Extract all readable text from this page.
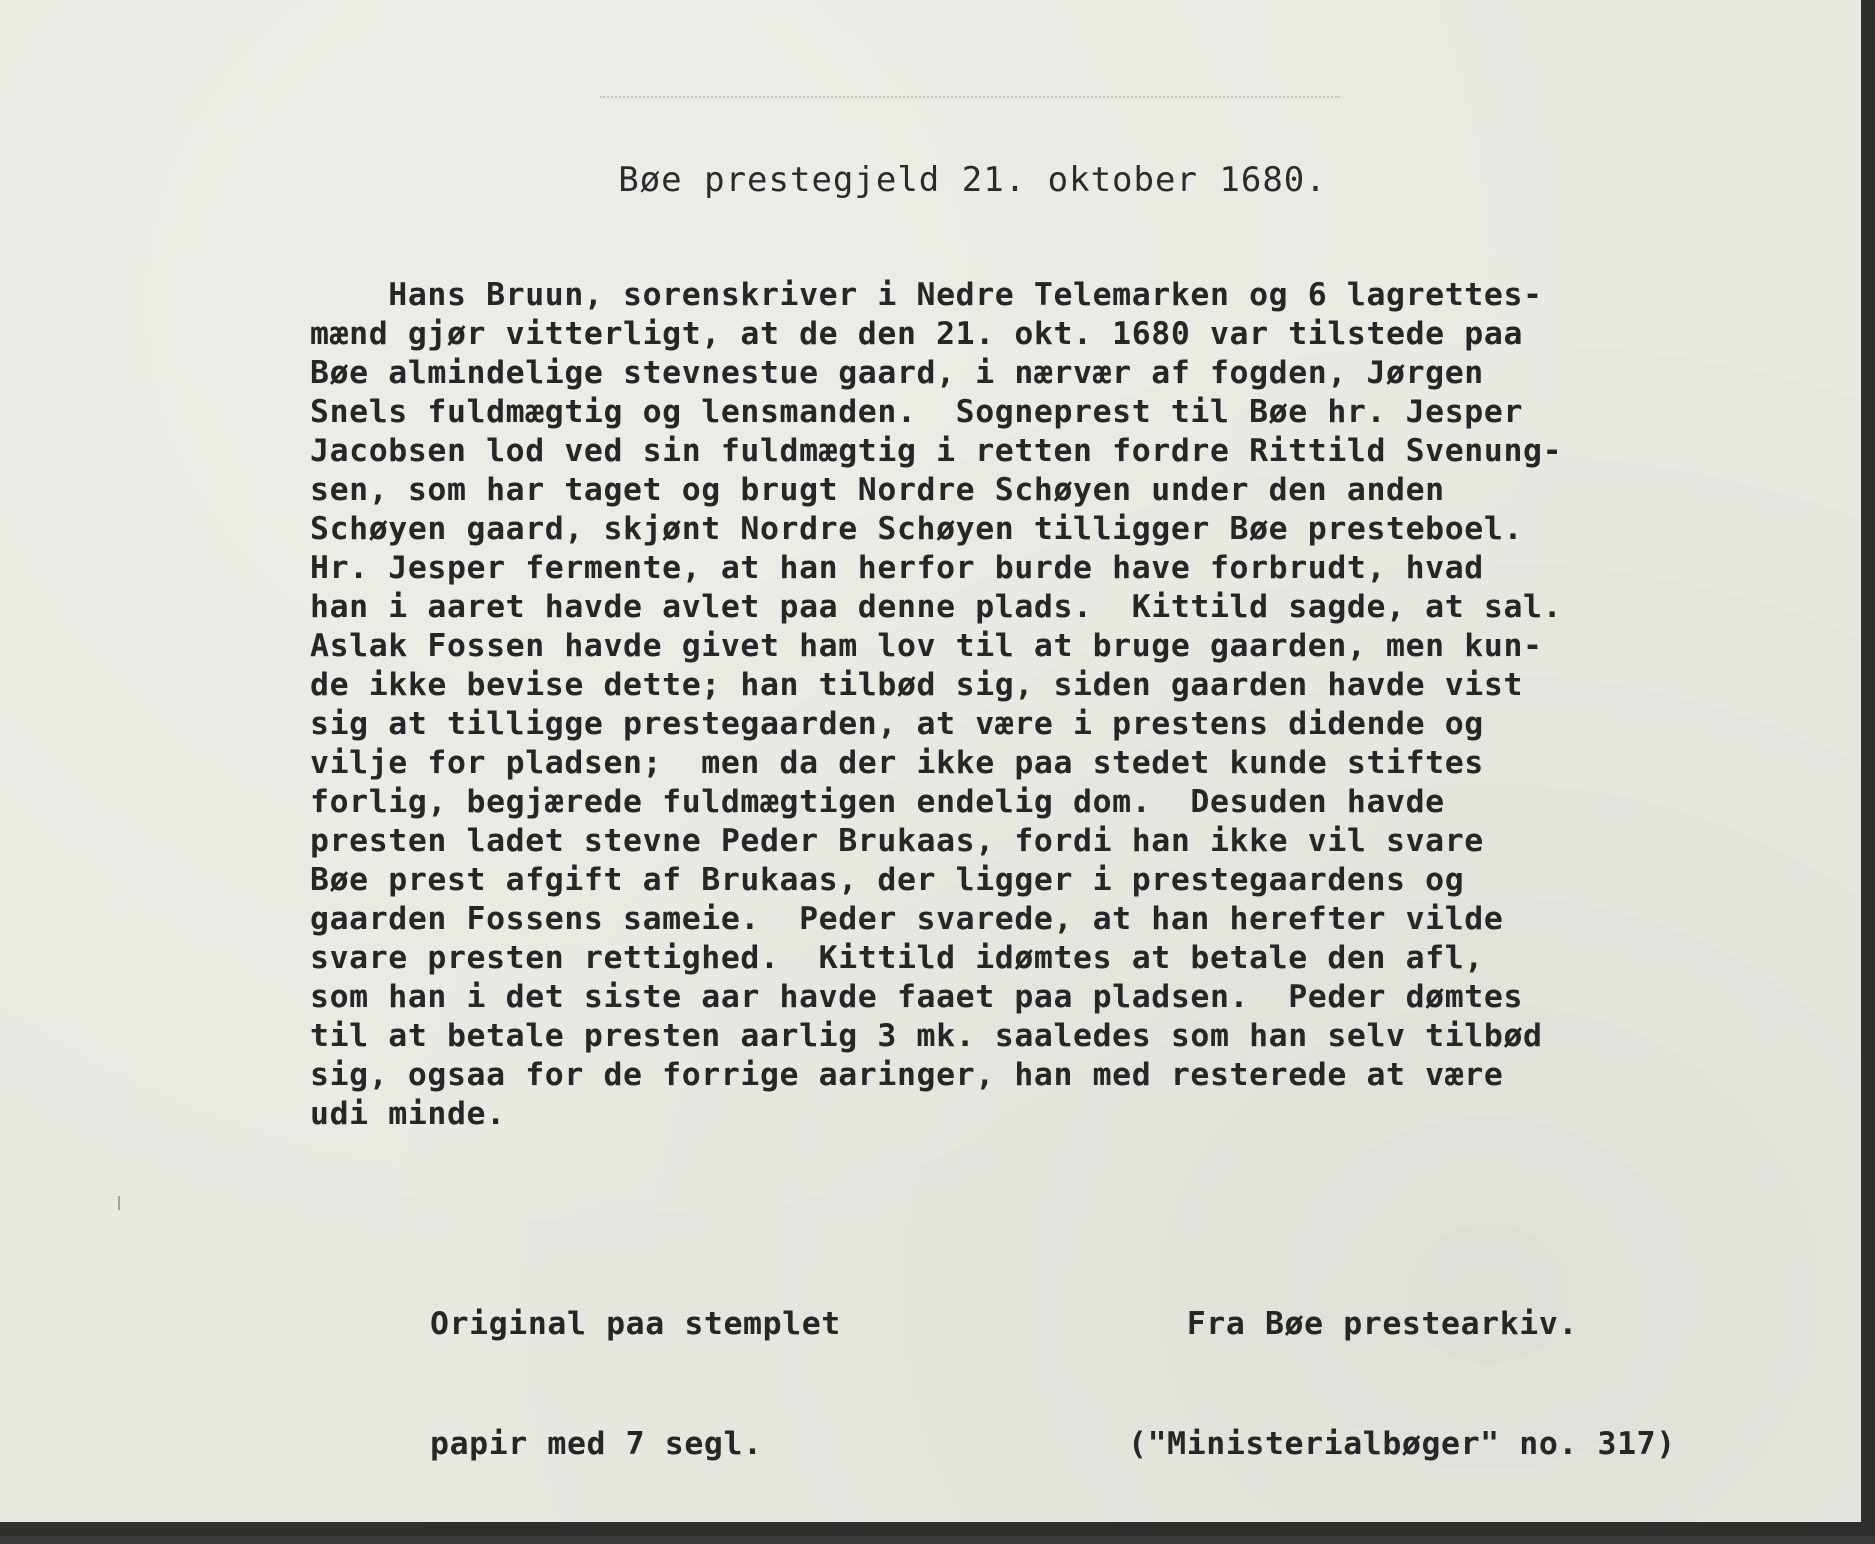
Bøe prestegjeld 21. oktober 1680.
Hans Bruun, sorenskriver i Nedre Telemarken og 6 lagrettes-
mænd gjør vitterligt, at de den 21. okt. 1680 var tilstede paa
Bøe almindelige stevnestue gaard, i nærvær af fogden, Jørgen
Snels fuldmægtig og lensmanden.  Sogneprest til Bøe hr. Jesper
Jacobsen lod ved sin fuldmægtig i retten fordre Rittild Svenung-
sen, som har taget og brugt Nordre Schøyen under den anden
Schøyen gaard, skjønt Nordre Schøyen tilligger Bøe presteboel.
Hr. Jesper fermente, at han herfor burde have forbrudt, hvad
han i aaret havde avlet paa denne plads.  Kittild sagde, at sal.
Aslak Fossen havde givet ham lov til at bruge gaarden, men kun-
de ikke bevise dette; han tilbød sig, siden gaarden havde vist
sig at tilligge prestegaarden, at være i prestens didende og
vilje for pladsen;  men da der ikke paa stedet kunde stiftes
forlig, begjærede fuldmægtigen endelig dom.  Desuden havde
presten ladet stevne Peder Brukaas, fordi han ikke vil svare
Bøe prest afgift af Brukaas, der ligger i prestegaardens og
gaarden Fossens sameie.  Peder svarede, at han herefter vilde
svare presten rettighed.  Kittild idømtes at betale den afl,
som han i det siste aar havde faaet paa pladsen.  Peder dømtes
til at betale presten aarlig 3 mk. saaledes som han selv tilbød
sig, ogsaa for de forrige aaringer, han med resterede at være
udi minde.

Original paa stemplet

papir med 7 segl.

Fra Bøe prestearkiv.

("Ministerialbøger" no. 317)
